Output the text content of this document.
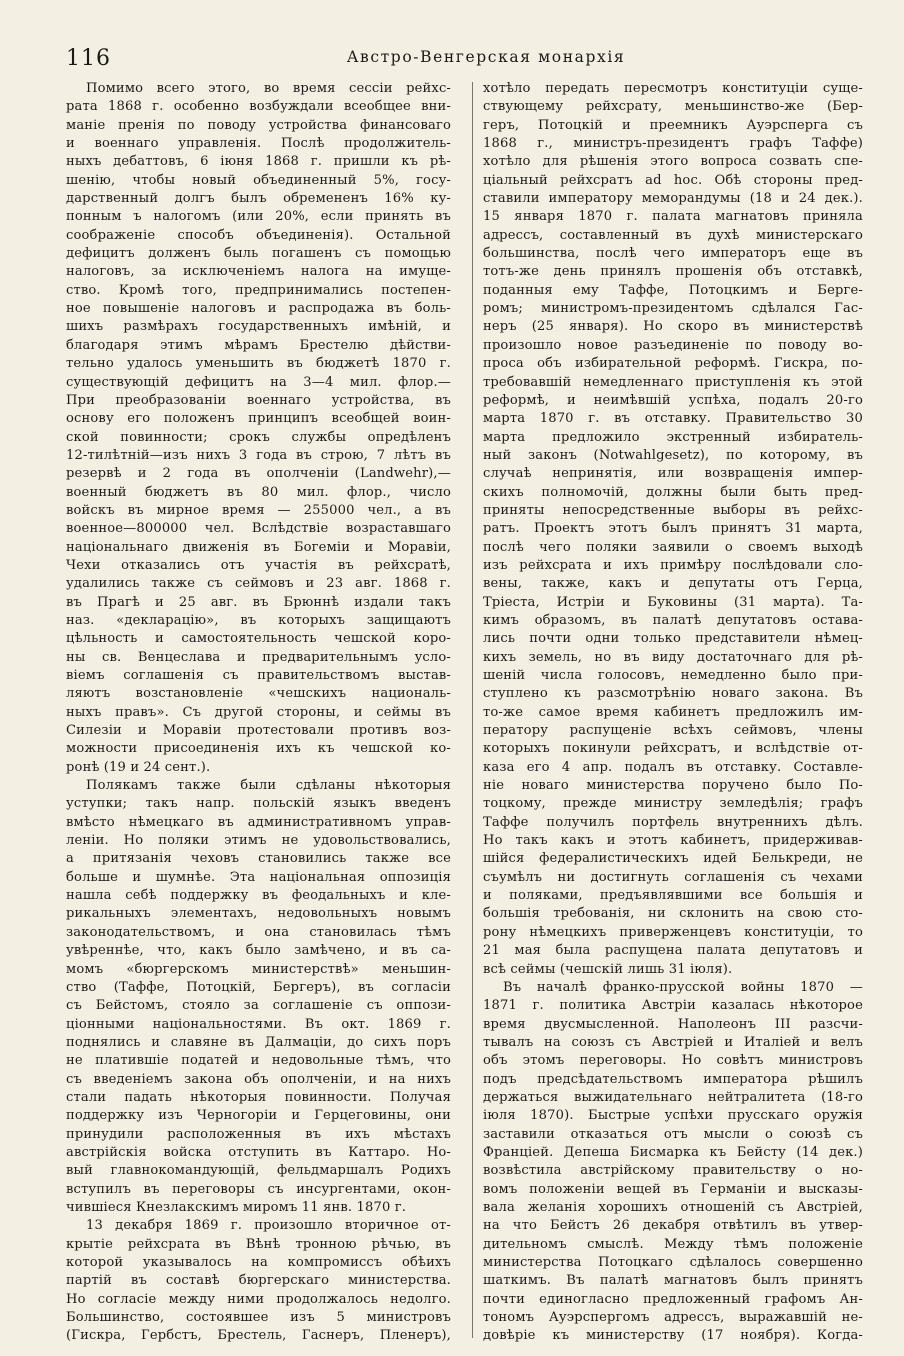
116	Австро-Венгерская монархія
Помимо всего этого, во время сессіи рейхс-
рата 1868 г. особенно возбуждали всеобщее вни-
маніе пренія по поводу устройства финансоваго
и военнаго управленія. Послѣ продолжитель-
ныхъ дебаттовъ, 6 іюня 1868 г. пришли къ рѣ-
шенію, чтобы новый объединенный 5%, госу-
дарственный долгъ былъ обремененъ 16% ку-
понным ъ налогомъ (или 20%, если принять въ
соображеніе способъ объединенія). Остальной
дефицитъ долженъ быль погашенъ съ помощью
налоговъ, за исключеніемъ налога на имуще-
ство. Кромѣ того, предпринимались постепен-
ное повышеніе налоговъ и распродажа въ боль-
шихъ размѣрахъ государственныхъ имѣній, и
благодаря этимъ мѣрамъ Брестелю дѣйстви-
тельно удалось уменьшить въ бюджетѣ 1870 г.
существующій дефицитъ на 3—4 мил. флор.—
При преобразованіи военнаго устройства, въ
основу его положенъ принципъ всеобщей воин-
ской повинности; срокъ службы опредѣленъ
12-тилѣтній—изъ нихъ 3 года въ строю, 7 лѣтъ въ
резервѣ и 2 года въ ополченіи (Landwehr),—
военный бюджетъ въ 80 мил. флор., число
войскъ въ мирное время — 255000 чел., а въ
военное—800000 чел. Вслѣдствіе возраставшаго
національнаго движенія въ Богеміи и Моравіи,
Чехи отказались отъ участія въ рейхсратѣ,
удалились также съ сеймовъ и 23 авг. 1868 г.
въ Прагѣ и 25 авг. въ Брюннѣ издали такъ
наз. «декларацію», въ которыхъ защищаютъ
цѣльность и самостоятельность чешской коро-
ны св. Венцеслава и предварительнымъ усло-
віемъ соглашенія съ правительствомъ выстав-
ляютъ возстановленіе «чешскихъ националь-
ныхъ правъ». Съ другой стороны, и сеймы въ
Силезіи и Моравіи протестовали противъ воз-
можности присоединенія ихъ къ чешской ко-
ронѣ (19 и 24 сент.).
Полякамъ также были сдѣланы нѣкоторыя
уступки; такъ напр. польскій языкъ введенъ
вмѣсто нѣмецкаго въ административномъ управ-
леніи. Но поляки этимъ не удовольствовались,
а притязанія чеховъ становились также все
больше и шумнѣе. Эта національная оппозиція
нашла себѣ поддержку въ феодальныхъ и кле-
рикальныхъ элементахъ, недовольныхъ новымъ
законодательствомъ, и она становилась тѣмъ
увѣреннѣе, что, какъ было замѣчено, и въ са-
момъ «бюргерскомъ министерствѣ» меньшин-
ство (Таффе, Потоцкій, Бергеръ), въ согласіи
съ Бейстомъ, стояло за соглашеніе съ оппози-
ціонными національностями. Въ окт. 1869 г.
поднялись и славяне въ Далмаціи, до сихъ поръ
не платившіе податей и недовольные тѣмъ, что
съ введеніемъ закона объ ополченіи, и на нихъ
стали падать нѣкоторыя повинности. Получая
поддержку изъ Черногоріи и Герцеговины, они
принудили расположенныя въ ихъ мѣстахъ
австрійскія войска отступить въ Каттаро. Но-
вый главнокомандующій, фельдмаршалъ Родихъ
вступилъ въ переговоры съ инсургентами, окон-
чившіеся Кнезлакскимъ миромъ 11 янв. 1870 г.
13 декабря 1869 г. произошло вторичное от-
крытіе рейхсрата въ Вѣнѣ тронною рѣчью, въ
которой указывалось на компромиссъ обѣихъ
партій въ составѣ бюргерскаго министерства.
Но согласіе между ними продолжалось недолго.
Большинство, состоявшее изъ 5 министровъ
(Гискра, Гербстъ, Брестель, Гаснеръ, Пленеръ),
хотѣло передать пересмотръ конституціи суще-
ствующему рейхсрату, меньшинство-же (Бер-
геръ, Потоцкій и преемникъ Ауэрсперга съ
1868 г., министръ-президентъ графъ Таффе)
хотѣло для рѣшенія этого вопроса созвать спе-
ціальный рейхсратъ ad hoc. Обѣ стороны пред-
ставили императору меморандумы (18 и 24 дек.).
15 января 1870 г. палата магнатовъ приняла
адрессъ, составленный въ духѣ министерскаго
большинства, послѣ чего императоръ еще въ
тотъ-же день принялъ прошенія объ отставкѣ,
поданныя ему Таффе, Потоцкимъ и Берге-
ромъ; министромъ-президентомъ сдѣлался Гас-
неръ (25 января). Но скоро въ министерствѣ
произошло новое разъединеніе по поводу во-
проса объ избирательной реформѣ. Гискра, по-
требовавшій немедленнаго приступленія къ этой
реформѣ, и неимѣвшій успѣха, подалъ 20-го
марта 1870 г. въ отставку. Правительство 30
марта предложило экстренный избиратель-
ный законъ (Notwahlgesetz), по которому, въ
случаѣ непринятія, или возвращенія импер-
скихъ полномочій, должны были быть пред-
приняты непосредственные выборы въ рейхс-
ратъ. Проектъ этотъ былъ принятъ 31 марта,
послѣ чего поляки заявили о своемъ выходѣ
изъ рейхсрата и ихъ примѣру послѣдовали сло-
вены, также, какъ и депутаты отъ Герца,
Тріеста, Истріи и Буковины (31 марта). Та-
кимъ образомъ, въ палатѣ депутатовъ остава-
лись почти одни только представители нѣмец-
кихъ земель, но въ виду достаточнаго для рѣ-
шеній числа голосовъ, немедленно было при-
ступлено къ разсмотрѣнію новаго закона. Въ
то-же самое время кабинетъ предложилъ им-
ператору распущеніе всѣхъ сеймовъ, члены
которыхъ покинули рейхсратъ, и вслѣдствіе от-
каза его 4 апр. подалъ въ отставку. Составле-
ніе новаго министерства поручено было По-
тоцкому, прежде министру земледѣлія; графъ
Таффе получилъ портфель внутреннихъ дѣлъ.
Но такъ какъ и этотъ кабинетъ, придерживав-
шійся федералистическихъ идей Белькреди, не
съумѣлъ ни достигнуть соглашенія съ чехами
и поляками, предъявлявшими все большія и
большія требованія, ни склонить на свою сто-
рону нѣмецкихъ приверженцевъ конституціи, то
21 мая была распущена палата депутатовъ и
всѣ сеймы (чешскій лишь 31 іюля).
Въ началѣ франко-прусской войны 1870 —
1871 г. политика Австріи казалась нѣкоторое
время двусмысленной. Наполеонъ III разсчи-
тывалъ на союзъ съ Австріей и Италіей и велъ
объ этомъ переговоры. Но совѣтъ министровъ
подъ предсѣдательствомъ императора рѣшилъ
держаться выжидательнаго нейтралитета (18-го
іюля 1870). Быстрые успѣхи прусскаго оружія
заставили отказаться отъ мысли о союзѣ съ
Франціей. Депеша Бисмарка къ Бейсту (14 дек.)
возвѣстила австрійскому правительству о но-
вомъ положеніи вещей въ Германіи и высказы-
вала желанія хорошихъ отношеній съ Австріей,
на что Бейстъ 26 декабря отвѣтилъ въ утвер-
дительномъ смыслѣ. Между тѣмъ положеніе
министерства Потоцкаго сдѣлалось совершенно
шаткимъ. Въ палатѣ магнатовъ былъ принятъ
почти единогласно предложенный графомъ Ан-
тономъ Ауэрспергомъ адрессъ, выражавшій не-
довѣріе къ министерству (17 ноября). Когда-
